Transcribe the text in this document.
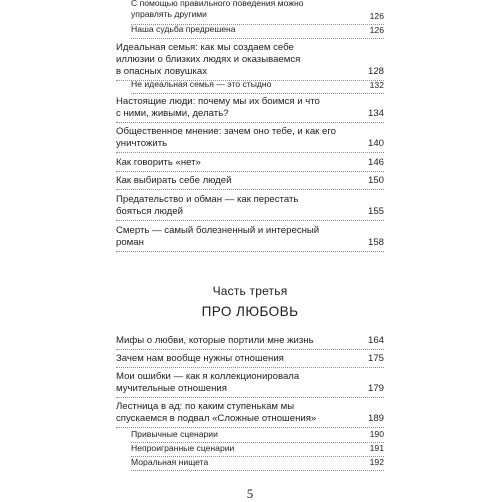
С помощью правильного поведения можно
управлять другими	126
Наша судьба предрешена	126
Идеальная семья: как мы создаем себе
иллюзии о близких людях и оказываемся
в опасных ловушках	128
Не идеальная семья — это стыдно	132
Настоящие люди: почему мы их боимся и что
с ними, живыми, делать?	134
Общественное мнение: зачем оно тебе, и как его
уничтожить	140
Как говорить «нет»	146
Как выбирать себе людей	150
Предательство и обман — как перестать
бояться людей	155
Смерть — самый болезненный и интересный
роман	158
Часть третья
ПРО ЛЮБОВЬ
Мифы о любви, которые портили мне жизнь	164
Зачем нам вообще нужны отношения	175
Мои ошибки — как я коллекционировала
мучительные отношения	179
Лестница в ад: по каким ступенькам мы
спускаемся в подвал «Сложные отношения»	189
Привычные сценарии	190
Непроигранные сценарии	191
Моральная нищета	192
5
